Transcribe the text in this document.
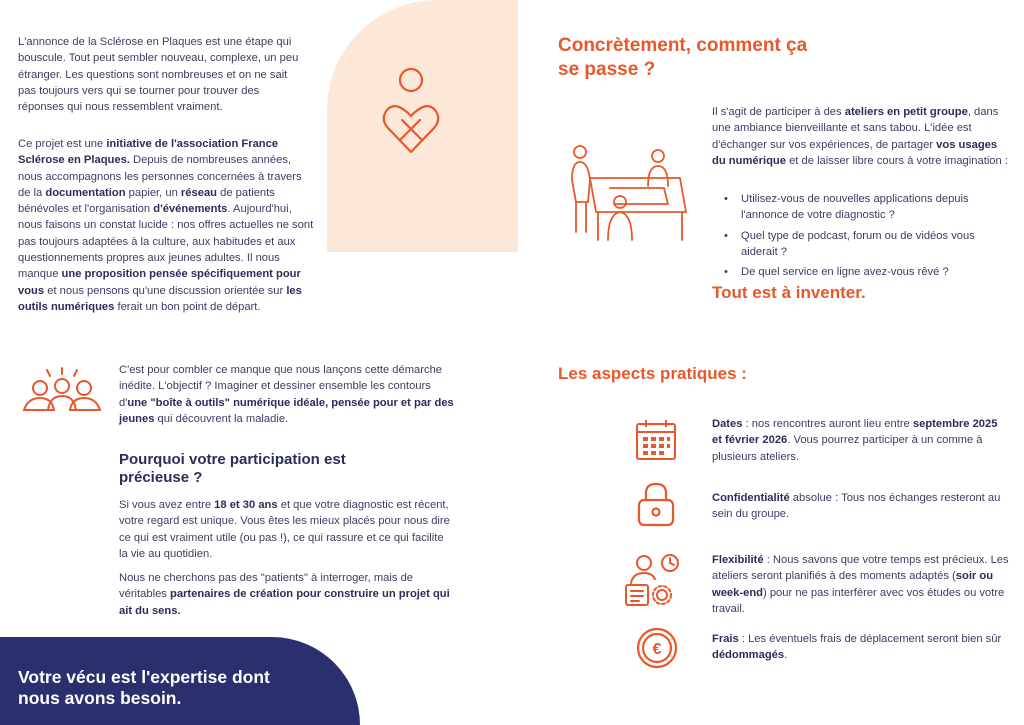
L'annonce de la Sclérose en Plaques est une étape qui bouscule. Tout peut sembler nouveau, complexe, un peu étranger. Les questions sont nombreuses et on ne sait pas toujours vers qui se tourner pour trouver des réponses qui nous ressemblent vraiment.

Ce projet est une initiative de l'association France Sclérose en Plaques. Depuis de nombreuses années, nous accompagnons les personnes concernées à travers de la documentation papier, un réseau de patients bénévoles et l'organisation d'événements. Aujourd'hui, nous faisons un constat lucide : nos offres actuelles ne sont pas toujours adaptées à la culture, aux habitudes et aux questionnements propres aux jeunes adultes. Il nous manque une proposition pensée spécifiquement pour vous et nous pensons qu'une discussion orientée sur les outils numériques ferait un bon point de départ.

C'est pour combler ce manque que nous lançons cette démarche inédite. L'objectif ? Imaginer et dessiner ensemble les contours d'une "boîte à outils" numérique idéale, pensée pour et par des jeunes qui découvrent la maladie.

Pourquoi votre participation est précieuse ?

Si vous avez entre 18 et 30 ans et que votre diagnostic est récent, votre regard est unique. Vous êtes les mieux placés pour nous dire ce qui est vraiment utile (ou pas !), ce qui rassure et ce qui facilite la vie au quotidien.

Nous ne cherchons pas des "patients" à interroger, mais de véritables partenaires de création pour construire un projet qui ait du sens.

Votre vécu est l'expertise dont nous avons besoin.
Concrètement, comment ça se passe ?

Il s'agit de participer à des ateliers en petit groupe, dans une ambiance bienveillante et sans tabou. L'idée est d'échanger sur vos expériences, de partager vos usages du numérique et de laisser libre cours à votre imagination :

• Utilisez-vous de nouvelles applications depuis l'annonce de votre diagnostic ?
• Quel type de podcast, forum ou de vidéos vous aiderait ?
• De quel service en ligne avez-vous rêvé ?
Tout est à inventer.
Les aspects pratiques :
€

Dates : nos rencontres auront lieu entre septembre 2025 et février 2026. Vous pourrez participer à un comme à plusieurs ateliers.

Confidentialité absolue : Tous nos échanges resteront au sein du groupe.

Flexibilité : Nous savons que votre temps est précieux. Les ateliers seront planifiés à des moments adaptés (soir ou week-end) pour ne pas interférer avec vos études ou votre travail.

Frais : Les éventuels frais de déplacement seront bien sûr dédommagés.
